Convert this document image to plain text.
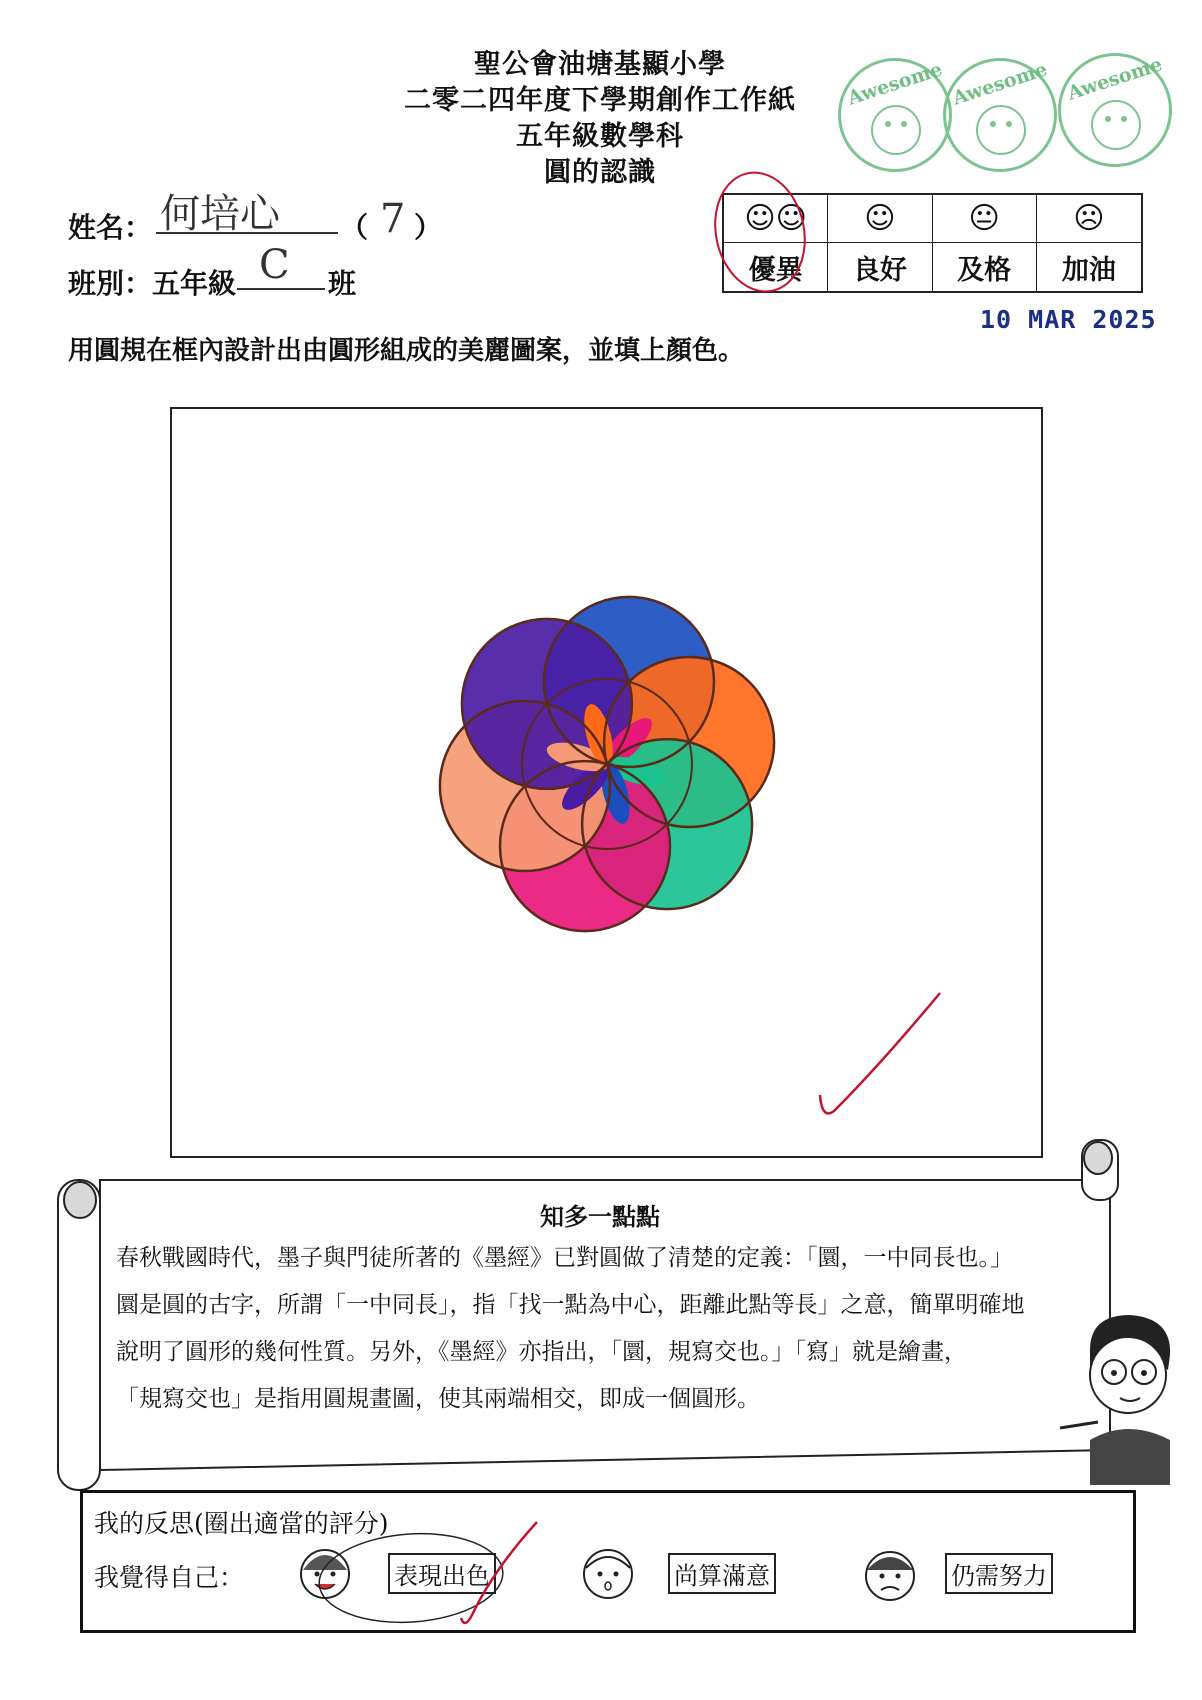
聖公會油塘基顯小學
二零二四年度下學期創作工作紙
五年級數學科
圓的認識
Awesome Awesome Awesome
姓名： 何培心 （ 7 ）
班別：五年級 C 班
☺☺	☺	😐	☹
優異	良好	及格	加油
10 MAR 2025
用圓規在框內設計出由圓形組成的美麗圖案，並填上顏色。
知多一點點
春秋戰國時代，墨子與門徒所著的《墨經》已對圓做了清楚的定義：「圜，一中同長也。」
圜是圓的古字，所謂「一中同長」，指「找一點為中心，距離此點等長」之意，簡單明確地
說明了圓形的幾何性質。另外，《墨經》亦指出，「圜，規寫交也。」「寫」就是繪畫，
「規寫交也」是指用圓規畫圖，使其兩端相交，即成一個圓形。
我的反思(圈出適當的評分)
我覺得自己：	表現出色	尚算滿意	仍需努力
